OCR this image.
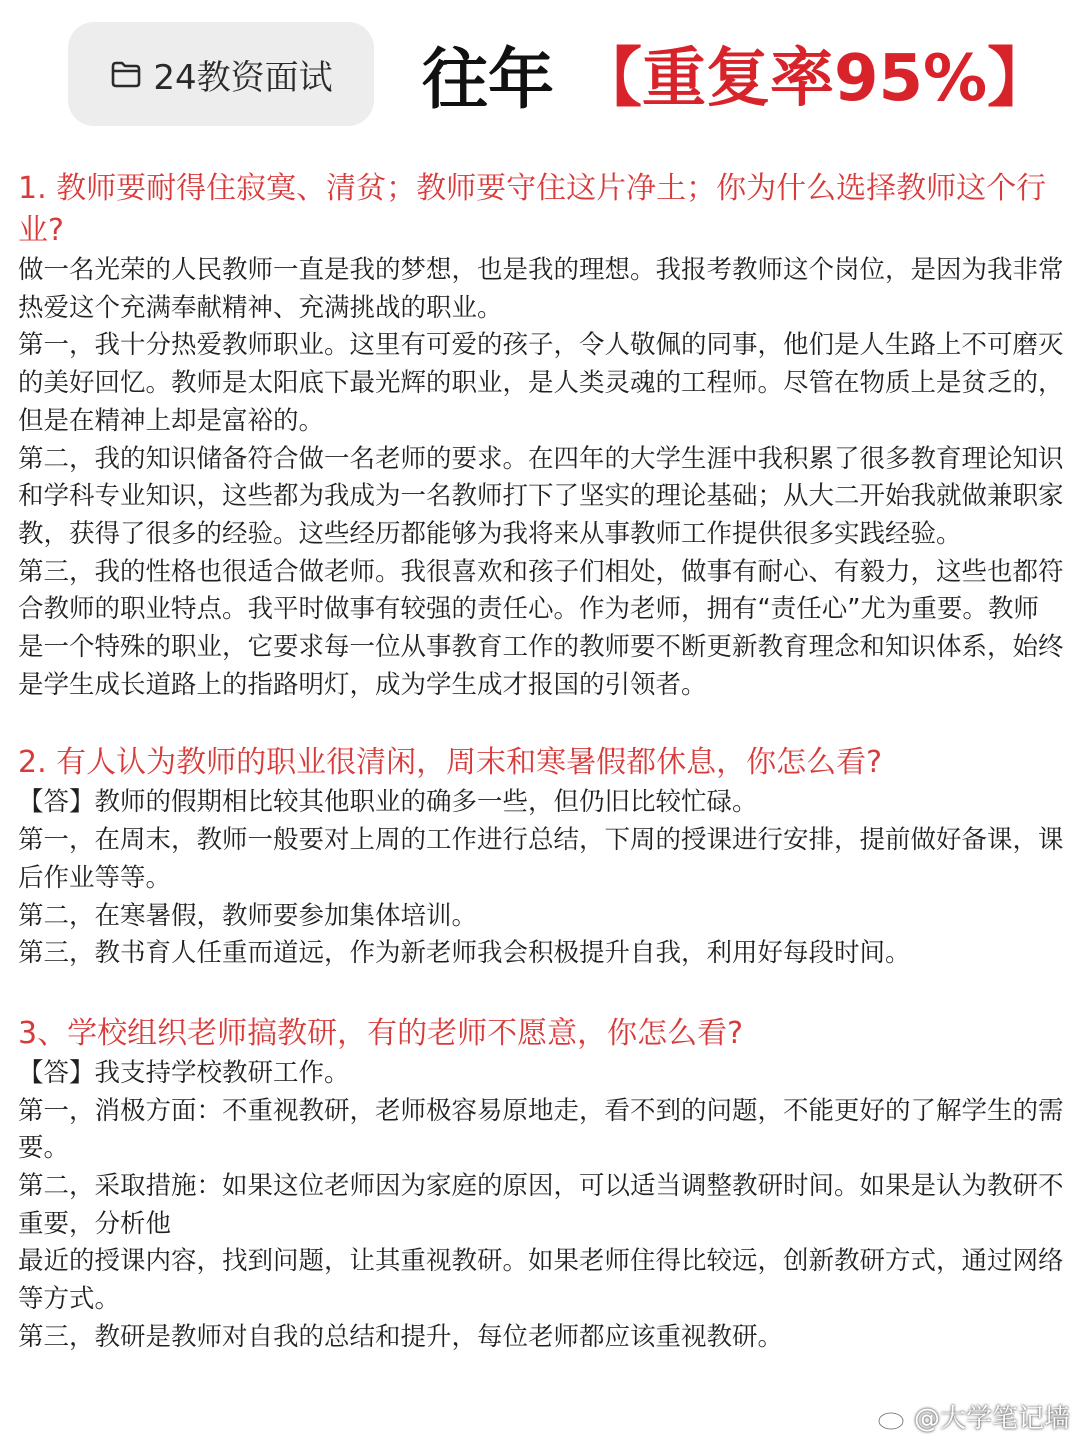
24教资面试 往年 【重复率95%】

1. 教师要耐得住寂寞、清贫；教师要守住这片净土；你为什么选择教师这个行业?

做一名光荣的人民教师一直是我的梦想，也是我的理想。我报考教师这个岗位，是因为我非常热爱这个充满奉献精神、充满挑战的职业。

第一，我十分热爱教师职业。这里有可爱的孩子，令人敬佩的同事，他们是人生路上不可磨灭的美好回忆。教师是太阳底下最光辉的职业，是人类灵魂的工程师。尽管在物质上是贫乏的，但是在精神上却是富裕的。

第二，我的知识储备符合做一名老师的要求。在四年的大学生涯中我积累了很多教育理论知识和学科专业知识，这些都为我成为一名教师打下了坚实的理论基础；从大二开始我就做兼职家教，获得了很多的经验。这些经历都能够为我将来从事教师工作提供很多实践经验。

第三，我的性格也很适合做老师。我很喜欢和孩子们相处，做事有耐心、有毅力，这些也都符合教师的职业特点。我平时做事有较强的责任心。作为老师，拥有“责任心”尤为重要。教师是一个特殊的职业，它要求每一位从事教育工作的教师要不断更新教育理念和知识体系，始终是学生成长道路上的指路明灯，成为学生成才报国的引领者。

2. 有人认为教师的职业很清闲，周末和寒暑假都休息，你怎么看?

【答】教师的假期相比较其他职业的确多一些，但仍旧比较忙碌。

第一，在周末，教师一般要对上周的工作进行总结，下周的授课进行安排，提前做好备课，课后作业等等。

第二，在寒暑假，教师要参加集体培训。

第三，教书育人任重而道远，作为新老师我会积极提升自我，利用好每段时间。

3、学校组织老师搞教研，有的老师不愿意，你怎么看?

【答】我支持学校教研工作。

第一，消极方面：不重视教研，老师极容易原地走，看不到的问题，不能更好的了解学生的需要。

第二，采取措施：如果这位老师因为家庭的原因，可以适当调整教研时间。如果是认为教研不重要，分析他

最近的授课内容，找到问题，让其重视教研。如果老师住得比较远，创新教研方式，通过网络等方式。

第三，教研是教师对自我的总结和提升，每位老师都应该重视教研。

@大学笔记墙
